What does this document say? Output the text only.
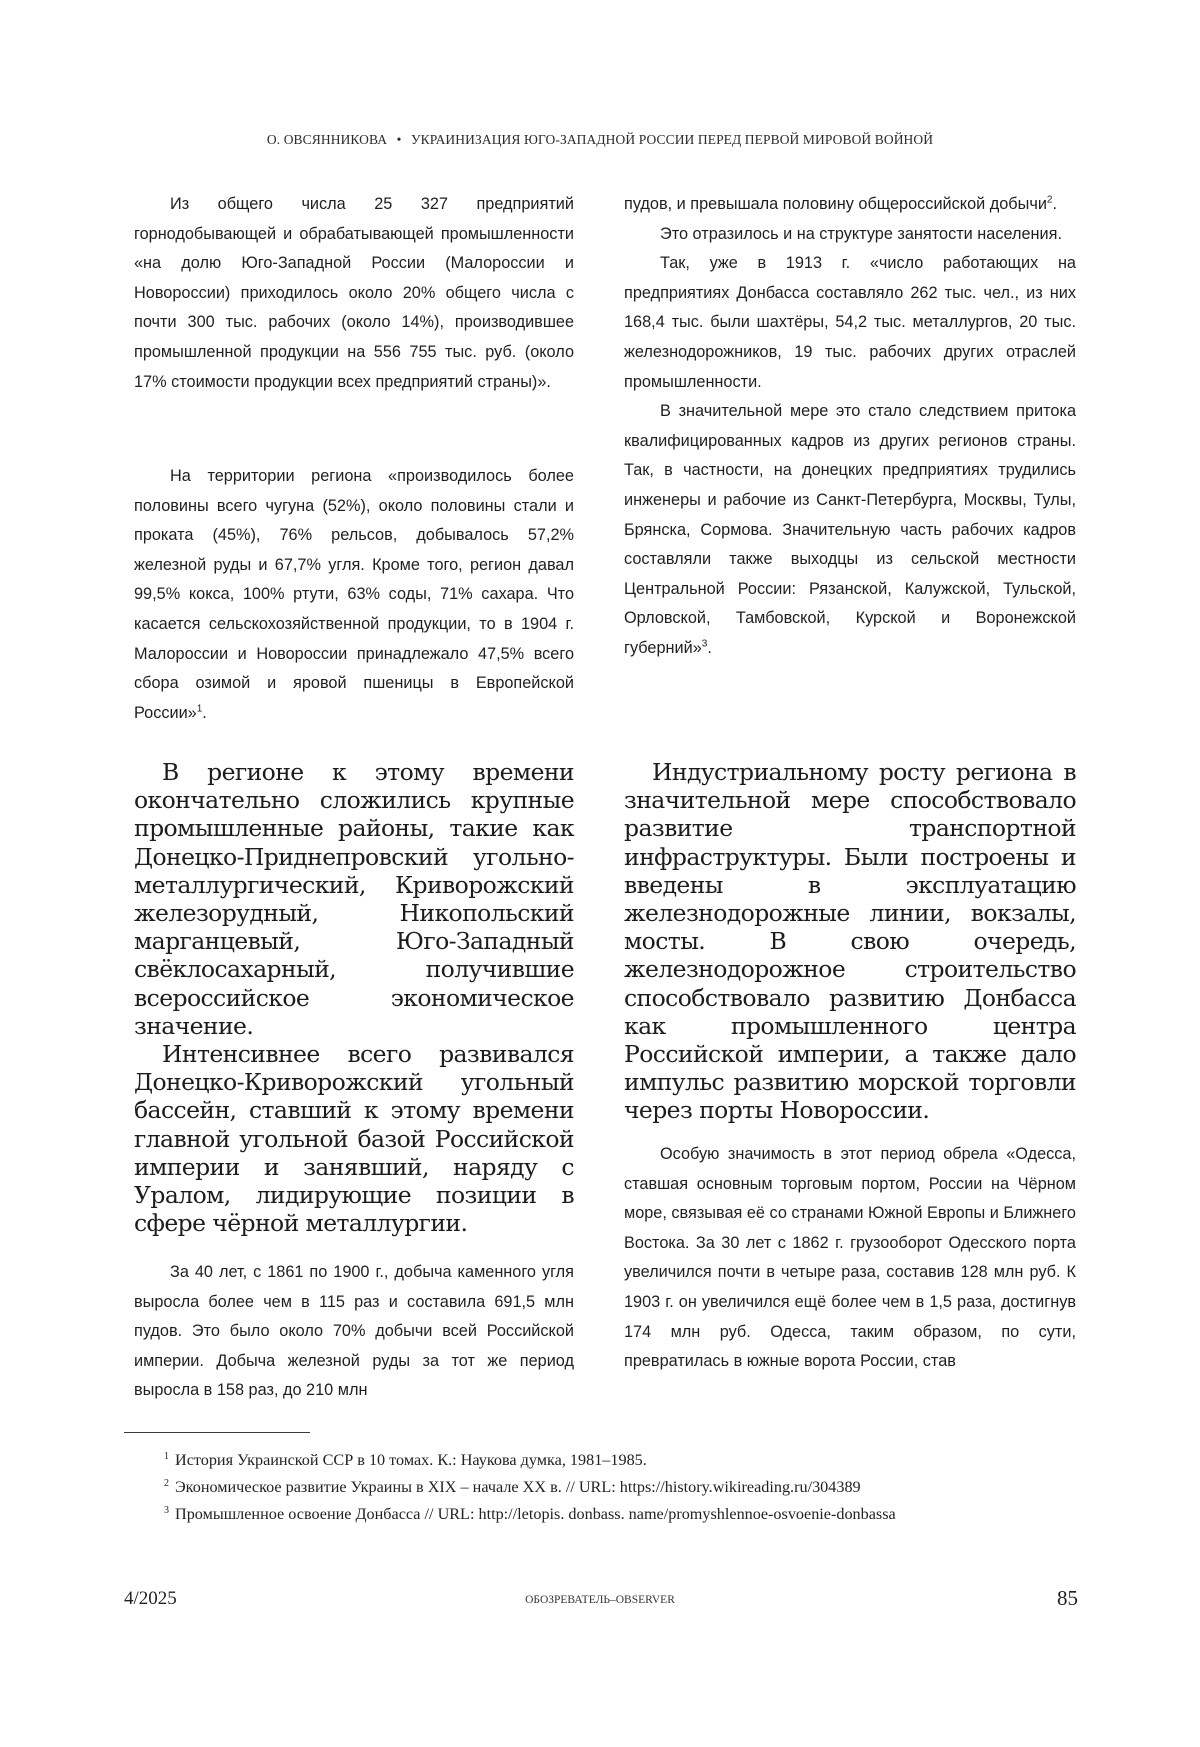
О. ОВСЯННИКОВА • УКРАИНИЗАЦИЯ ЮГО-ЗАПАДНОЙ РОССИИ ПЕРЕД ПЕРВОЙ МИРОВОЙ ВОЙНОЙ

Из общего числа 25 327 предприятий горнодобывающей и обрабатывающей промышленности «на долю Юго-Западной России (Малороссии и Новороссии) приходилось около 20% общего числа с почти 300 тыс. рабочих (около 14%), производившее промышленной продукции на 556 755 тыс. руб. (около 17% стоимости продукции всех предприятий страны)».

На территории региона «производилось более половины всего чугуна (52%), около половины стали и проката (45%), 76% рельсов, добывалось 57,2% железной руды и 67,7% угля. Кроме того, регион давал 99,5% кокса, 100% ртути, 63% соды, 71% сахара. Что касается сельскохозяйственной продукции, то в 1904 г. Малороссии и Новороссии принадлежало 47,5% всего сбора озимой и яровой пшеницы в Европейской России»$^1$.

В регионе к этому времени окончательно сложились крупные промышленные районы, такие как Донецко-Приднепровский угольно-металлургический, Криворожский железорудный, Никопольский марганцевый, Юго-Западный свёклосахарный, получившие всероссийское экономическое значение.

Интенсивнее всего развивался Донецко-Криворожский угольный бассейн, ставший к этому времени главной угольной базой Российской империи и занявший, наряду с Уралом, лидирующие позиции в сфере чёрной металлургии.

За 40 лет, с 1861 по 1900 г., добыча каменного угля выросла более чем в 115 раз и составила 691,5 млн пудов. Это было около 70% добычи всей Российской империи. Добыча железной руды за тот же период выросла в 158 раз, до 210 млн

пудов, и превышала половину общероссийской добычи$^2$.

Это отразилось и на структуре занятости населения.

Так, уже в 1913 г. «число работающих на предприятиях Донбасса составляло 262 тыс. чел., из них 168,4 тыс. были шахтёры, 54,2 тыс. металлургов, 20 тыс. железнодорожников, 19 тыс. рабочих других отраслей промышленности.

В значительной мере это стало следствием притока квалифицированных кадров из других регионов страны. Так, в частности, на донецких предприятиях трудились инженеры и рабочие из Санкт-Петербурга, Москвы, Тулы, Брянска, Сормова. Значительную часть рабочих кадров составляли также выходцы из сельской местности Центральной России: Рязанской, Калужской, Тульской, Орловской, Тамбовской, Курской и Воронежской губерний»$^3$.

Индустриальному росту региона в значительной мере способствовало развитие транспортной инфраструктуры. Были построены и введены в эксплуатацию железнодорожные линии, вокзалы, мосты. В свою очередь, железнодорожное строительство способствовало развитию Донбасса как промышленного центра Российской империи, а также дало импульс развитию морской торговли через порты Новороссии.

Особую значимость в этот период обрела «Одесса, ставшая основным торговым портом, России на Чёрном море, связывая её со странами Южной Европы и Ближнего Востока. За 30 лет с 1862 г. грузооборот Одесского порта увеличился почти в четыре раза, составив 128 млн руб. К 1903 г. он увеличился ещё более чем в 1,5 раза, достигнув 174 млн руб. Одесса, таким образом, по сути, превратилась в южные ворота России, став

$^1$ История Украинской ССР в 10 томах. К.: Наукова думка, 1981–1985.

$^2$ Экономическое развитие Украины в XIX – начале XX в. // URL: https://history.wikireading.ru/304389

$^3$ Промышленное освоение Донбасса // URL: http://letopis. donbass. name/promyshlennoe-osvoenie-donbassa

4/2025	ОБОЗРЕВАТЕЛЬ–OBSERVER	85
